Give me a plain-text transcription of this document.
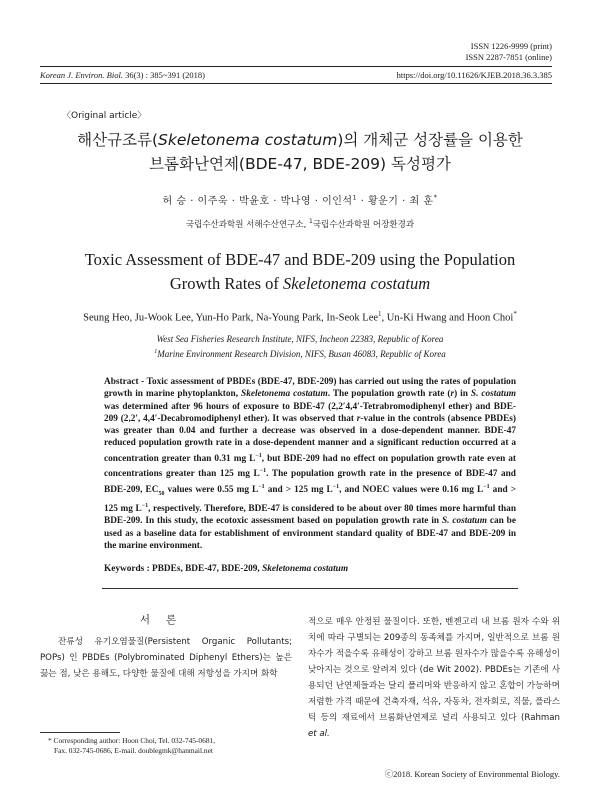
ISSN 1226-9999 (print)
ISSN 2287-7851 (online)
Korean J. Environ. Biol. 36(3) : 385~391 (2018)	https://doi.org/10.11626/KJEB.2018.36.3.385
〈Original article〉
해산규조류(Skeletonema costatum)의 개체군 성장률을 이용한
브롬화난연제(BDE-47, BDE-209) 독성평가
허 승 · 이주욱 · 박윤호 · 박나영 · 이인석$^1$ · 황운기 · 최 훈*
국립수산과학원 서해수산연구소, $^1$국립수산과학원 어장환경과
Toxic Assessment of BDE-47 and BDE-209 using the Population
Growth Rates of Skeletonema costatum
Seung Heo, Ju-Wook Lee, Yun-Ho Park, Na-Young Park, In-Seok Lee$^1$, Un-Ki Hwang and Hoon Choi*
West Sea Fisheries Research Institute, NIFS, Incheon 22383, Republic of Korea
$^1$Marine Environment Research Division, NIFS, Busan 46083, Republic of Korea
Abstract - Toxic assessment of PBDEs (BDE-47, BDE-209) has carried out using the rates of population growth in marine phytoplankton, Skeletonema costatum. The population growth rate (r) in S. costatum was determined after 96 hours of exposure to BDE-47 (2,2′4,4′-Tetrabromodiphenyl ether) and BDE-209 (2,2′, 4,4′-Decabromodiphenyl ether). It was observed that r-value in the controls (absence PBDEs) was greater than 0.04 and further a decrease was observed in a dose-dependent manner. BDE-47 reduced population growth rate in a dose-dependent manner and a significant reduction occurred at a concentration greater than 0.31 mg $L^{-1}$, but BDE-209 had no effect on population growth rate even at concentrations greater than 125 mg $L^{-1}$. The population growth rate in the presence of BDE-47 and BDE-209, $EC_{50}$ values were 0.55 mg $L^{-1}$ and > 125 mg $L^{-1}$, and NOEC values were 0.16 mg $L^{-1}$ and > 125 mg $L^{-1}$, respectively. Therefore, BDE-47 is considered to be about over 80 times more harmful than BDE-209. In this study, the ecotoxic assessment based on population growth rate in S. costatum can be used as a baseline data for establishment of environment standard quality of BDE-47 and BDE-209 in the marine environment.
Keywords : PBDEs, BDE-47, BDE-209, Skeletonema costatum
서론
잔류성 유기오염물질(Persistent Organic Pollutants; POPs) 인 PBDEs (Polybrominated Diphenyl Ethers)는 높은 끓는 점, 낮은 용해도, 다양한 물질에 대해 저항성을 가지며 화학
적으로 매우 안정된 물질이다. 또한, 벤젠고리 내 브롬 원자 수와 위치에 따라 구별되는 209종의 동족체를 가지며, 일반적으로 브롬 원자수가 적을수록 유해성이 강하고 브롬 원자수가 많을수록 유해성이 낮아지는 것으로 알려져 있다 (de Wit 2002). PBDEs는 기존에 사용되던 난연제들과는 달리 폴리머와 반응하지 않고 혼합이 가능하며 저렴한 가격 때문에 건축자재, 석유, 자동차, 전자회로, 직물, 플라스틱 등의 재료에서 브롬화난연제로 널리 사용되고 있다 (Rahman et al.
* Corresponding author: Hoon Choi, Tel. 032-745-0681,
Fax. 032-745-0686, E-mail. doublegmk@hanmail.net
ⓒ2018. Korean Society of Environmental Biology.
